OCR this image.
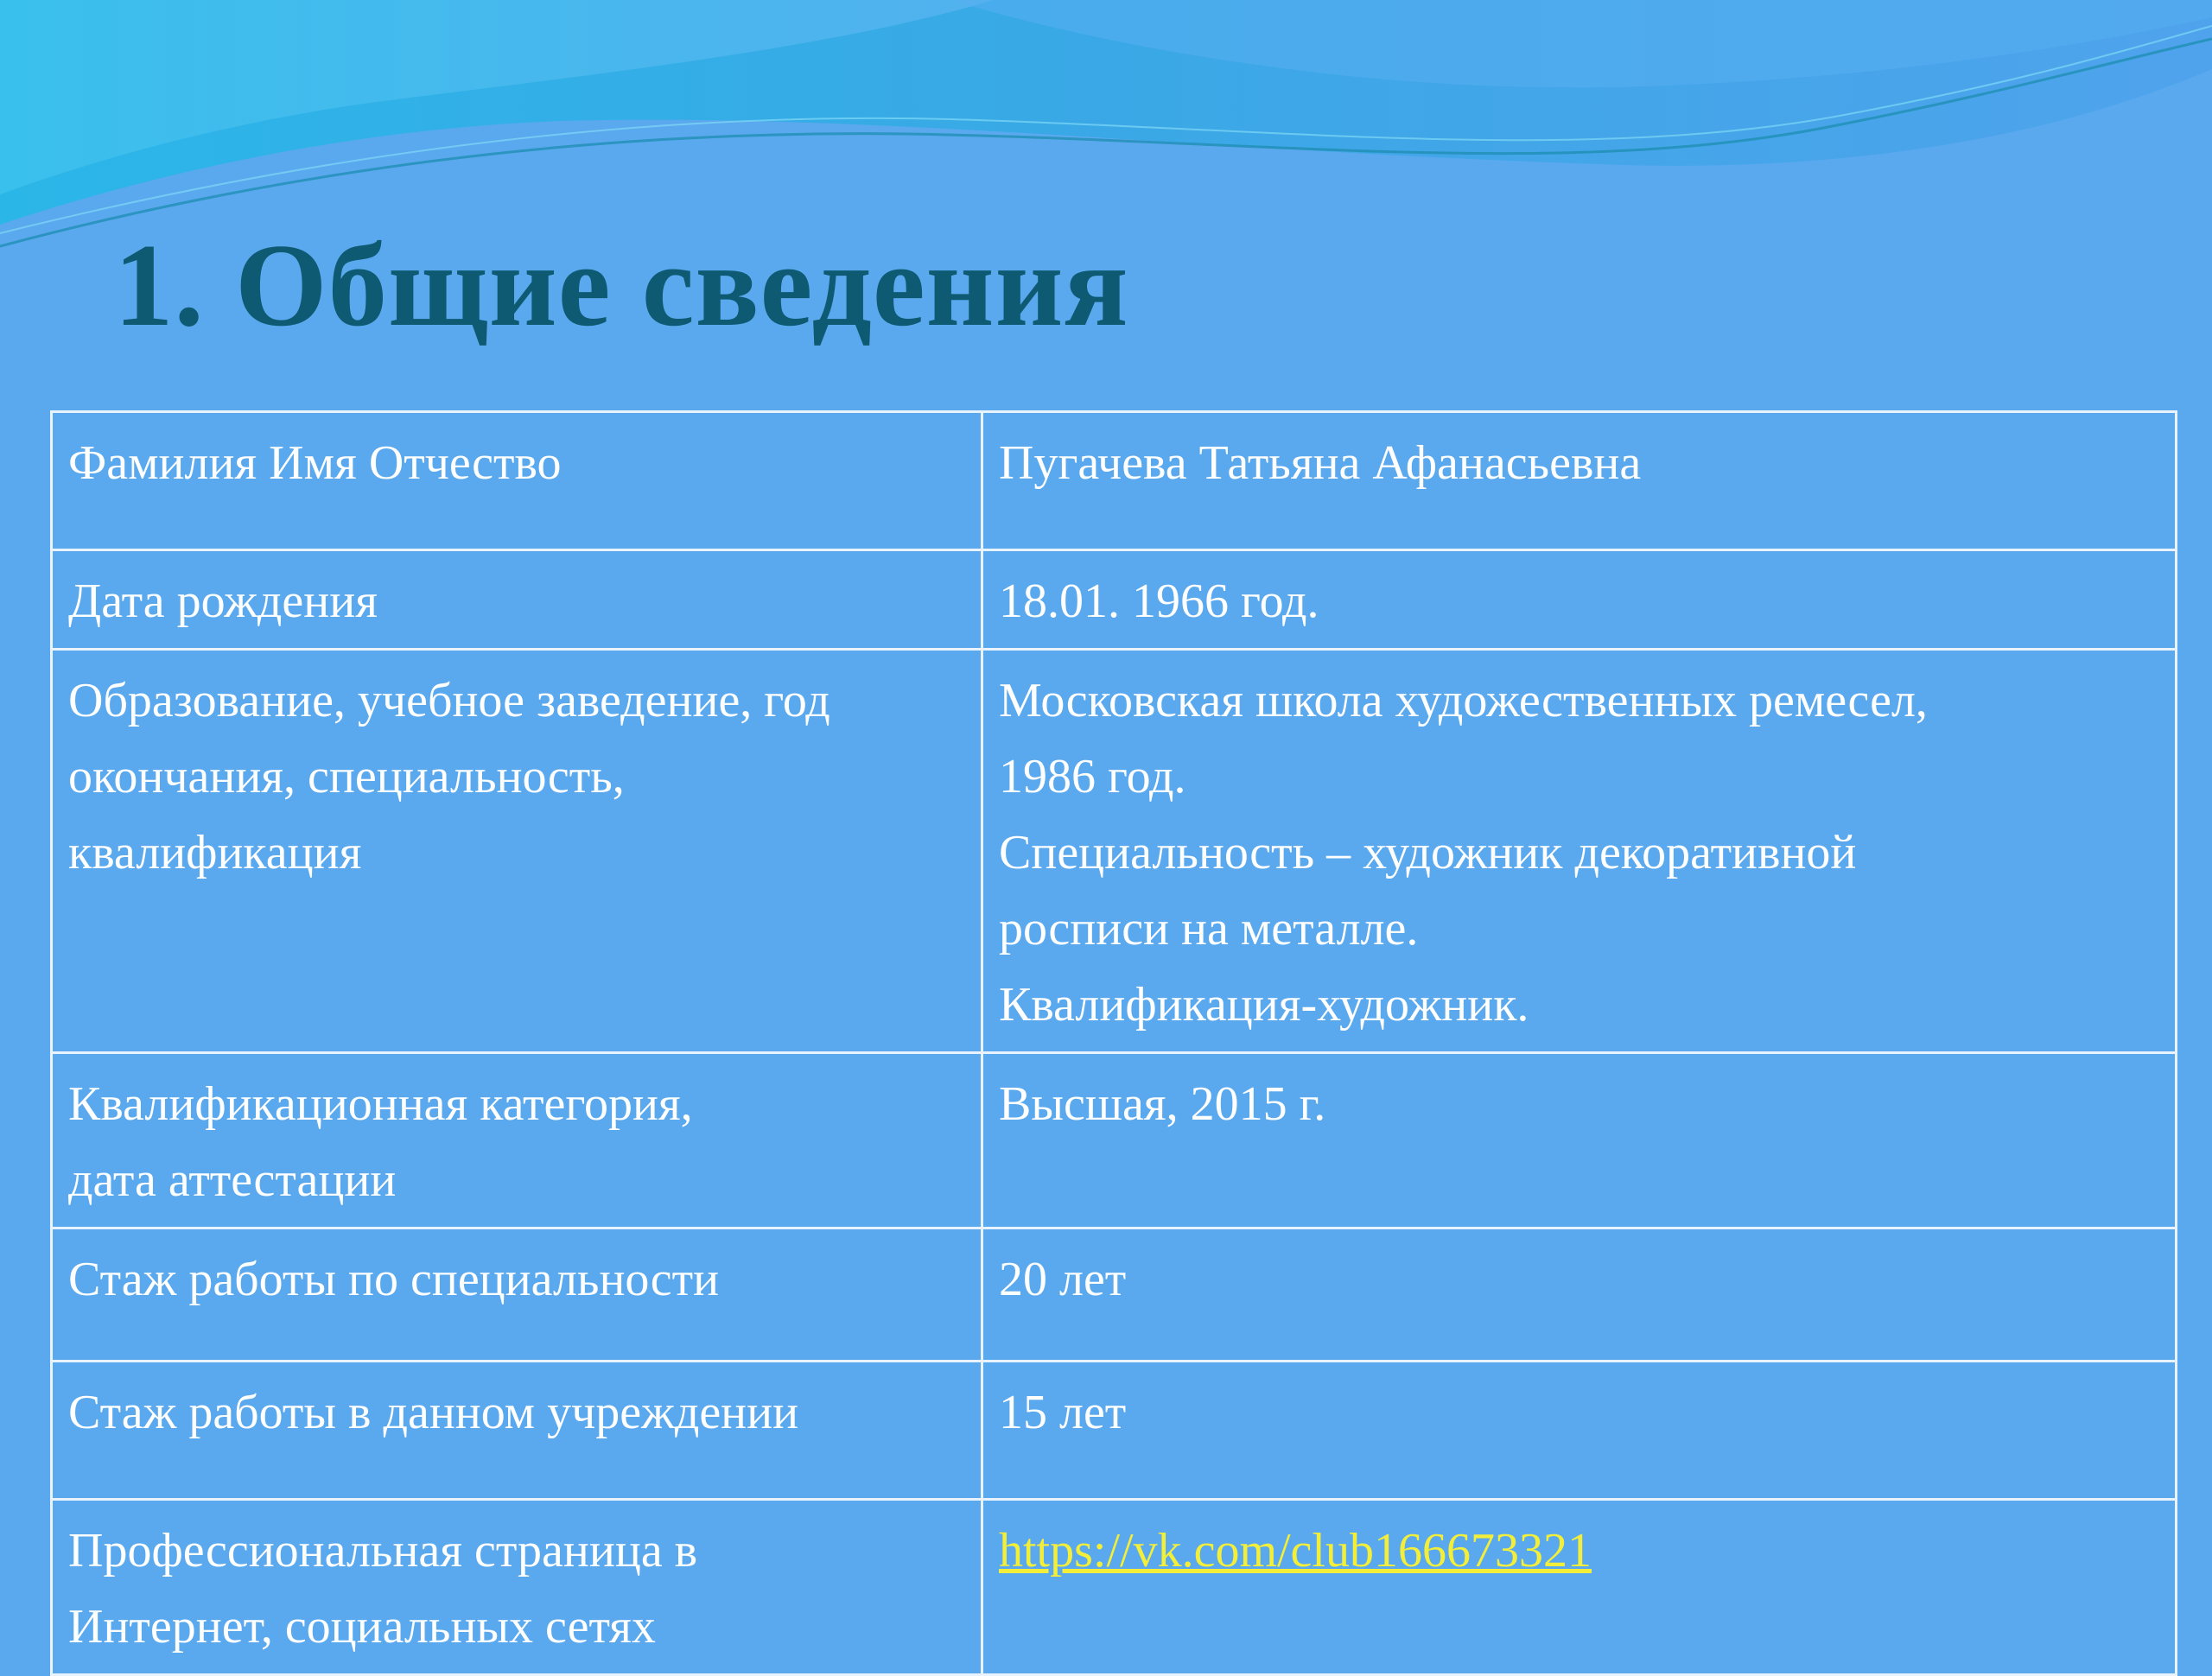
1. Общие сведения
Фамилия Имя Отчество	Пугачева Татьяна Афанасьевна

Дата рождения	18.01. 1966 год.

Образование, учебное заведение, год
окончания, специальность,
квалификация	Московская школа художественных ремесел,
1986 год.
Специальность – художник декоративной
росписи на металле.
Квалификация-художник.

Квалификационная категория,
дата аттестации	Высшая, 2015 г.

Стаж работы по специальности	20 лет

Стаж работы в данном учреждении	15 лет

Профессиональная страница в
Интернет, социальных сетях	https://vk.com/club166673321
